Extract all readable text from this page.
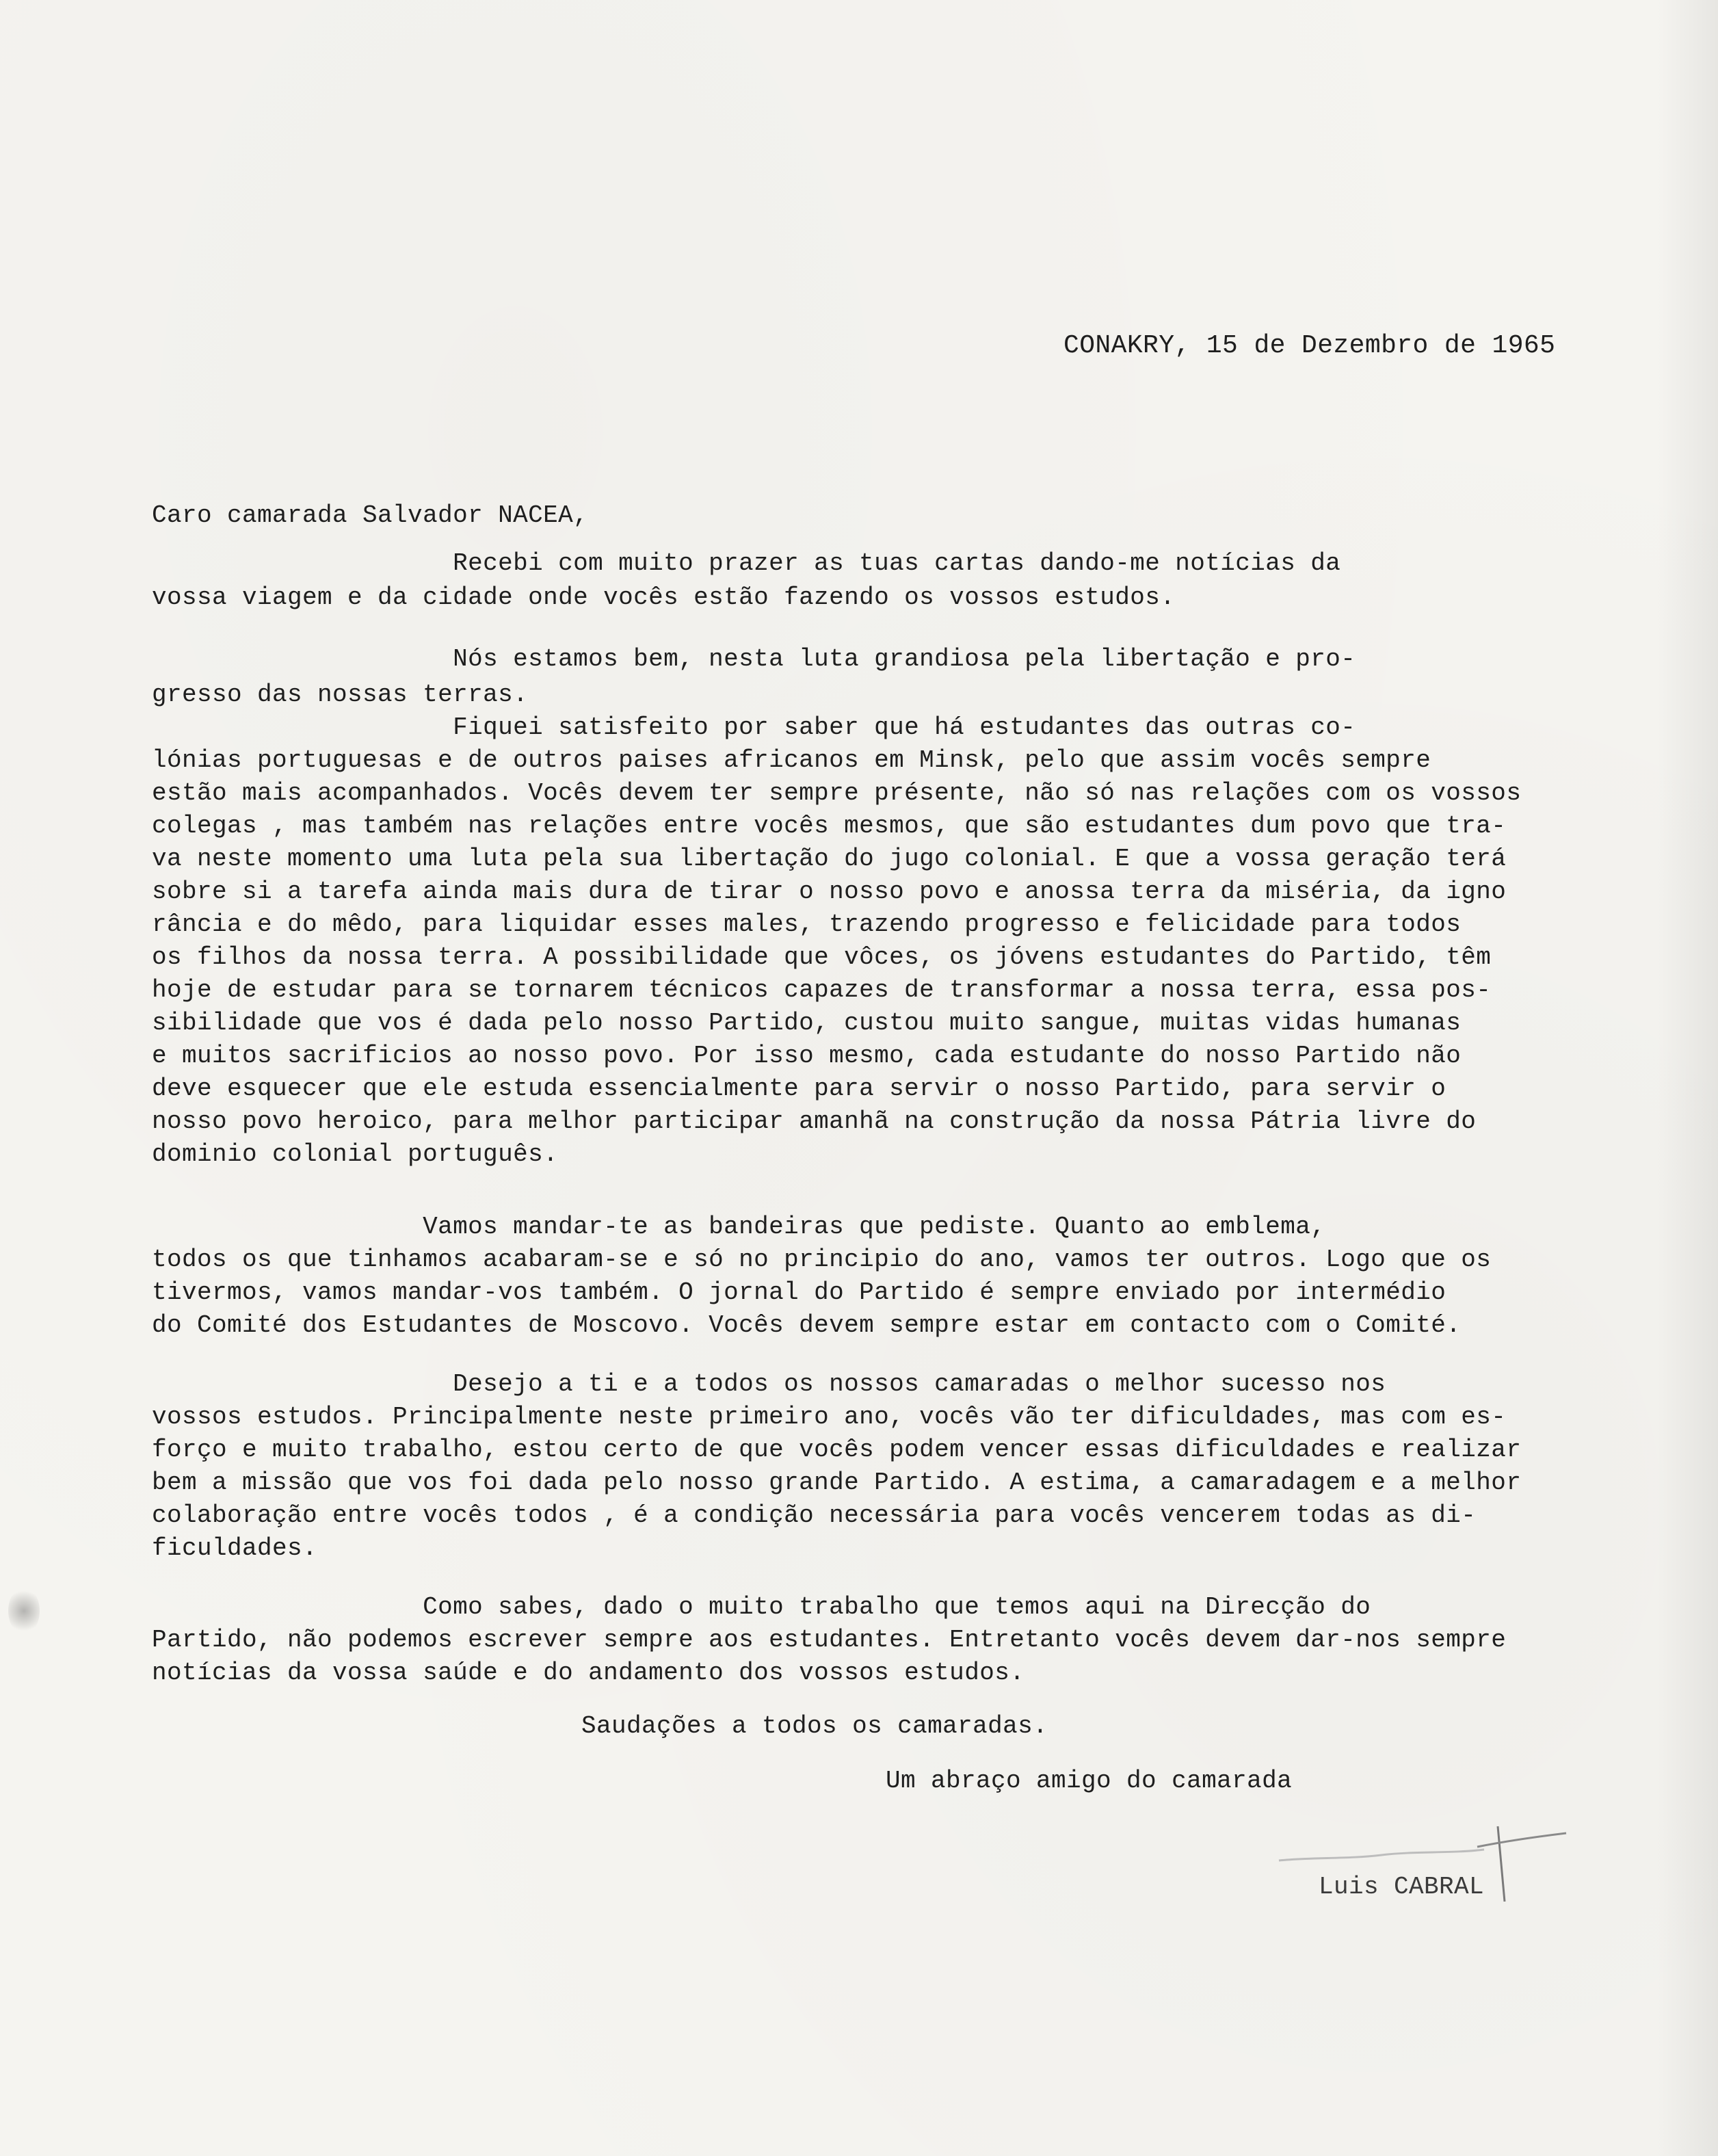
CONAKRY, 15 de Dezembro de 1965
Caro camarada Salvador NACEA,
Recebi com muito prazer as tuas cartas dando-me notícias da
vossa viagem e da cidade onde vocês estão fazendo os vossos estudos.
Nós estamos bem, nesta luta grandiosa pela libertação e pro-
gresso das nossas terras.
Fiquei satisfeito por saber que há estudantes das outras co-
lónias portuguesas e de outros paises africanos em Minsk, pelo que assim vocês sempre
estão mais acompanhados. Vocês devem ter sempre présente, não só nas relações com os vossos
colegas , mas também nas relações entre vocês mesmos, que são estudantes dum povo que tra-
va neste momento uma luta pela sua libertação do jugo colonial. E que a vossa geração terá
sobre si a tarefa ainda mais dura de tirar o nosso povo e anossa terra da miséria, da igno
rância e do mêdo, para liquidar esses males, trazendo progresso e felicidade para todos
os filhos da nossa terra. A possibilidade que vôces, os jóvens estudantes do Partido, têm
hoje de estudar para se tornarem técnicos capazes de transformar a nossa terra, essa pos-
sibilidade que vos é dada pelo nosso Partido, custou muito sangue, muitas vidas humanas
e muitos sacrificios ao nosso povo. Por isso mesmo, cada estudante do nosso Partido não
deve esquecer que ele estuda essencialmente para servir o nosso Partido, para servir o
nosso povo heroico, para melhor participar amanhã na construção da nossa Pátria livre do
dominio colonial português.
Vamos mandar-te as bandeiras que pediste. Quanto ao emblema,
todos os que tinhamos acabaram-se e só no principio do ano, vamos ter outros. Logo que os
tivermos, vamos mandar-vos também. O jornal do Partido é sempre enviado por intermédio
do Comité dos Estudantes de Moscovo. Vocês devem sempre estar em contacto com o Comité.
Desejo a ti e a todos os nossos camaradas o melhor sucesso nos
vossos estudos. Principalmente neste primeiro ano, vocês vão ter dificuldades, mas com es-
forço e muito trabalho, estou certo de que vocês podem vencer essas dificuldades e realizar
bem a missão que vos foi dada pelo nosso grande Partido. A estima, a camaradagem e a melhor
colaboração entre vocês todos , é a condição necessária para vocês vencerem todas as di-
ficuldades.
Como sabes, dado o muito trabalho que temos aqui na Direcção do
Partido, não podemos escrever sempre aos estudantes. Entretanto vocês devem dar-nos sempre
notícias da vossa saúde e do andamento dos vossos estudos.
Saudações a todos os camaradas.
Um abraço amigo do camarada
Luis CABRAL
